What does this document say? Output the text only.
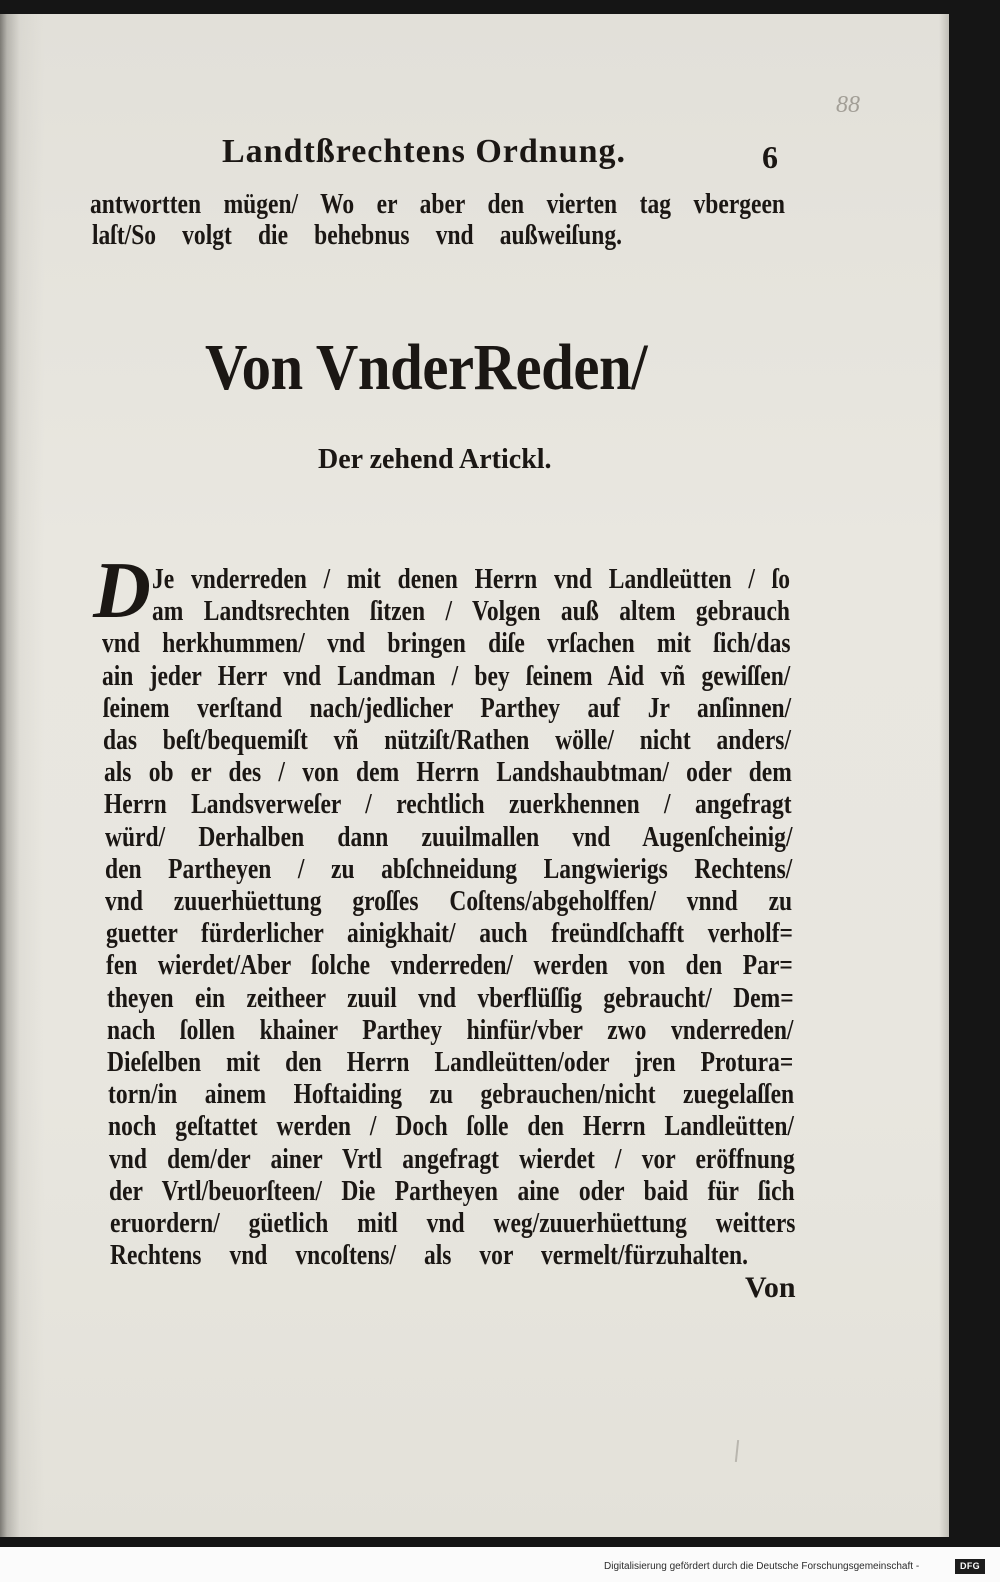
88
Landtßrechtens Ordnung.	6
antwortten mügen/ Wo er aber den vierten tag vbergeen
laſt/So volgt die behebnus vnd außweiſung.
Von VnderReden/
Der zehend Artickl.
D Je vnderreden / mit denen Herrn vnd Landleütten / ſo
am Landtsrechten ſitzen / Volgen auß altem gebrauch
vnd herkhummen/ vnd bringen diſe vrſachen mit ſich/das
ain jeder Herr vnd Landman / bey ſeinem Aid vñ gewiſſen/
ſeinem verſtand nach/jedlicher Parthey auf Jr anſinnen/
das beſt/bequemiſt vñ nütziſt/Rathen wölle/ nicht anders/
als ob er des / von dem Herrn Landshaubtman/ oder dem
Herrn Landsverweſer / rechtlich zuerkhennen / angefragt
würd/ Derhalben dann zuuilmallen vnd Augenſcheinig/
den Partheyen / zu abſchneidung Langwierigs Rechtens/
vnd zuuerhüettung groſſes Coſtens/abgeholffen/ vnnd zu
guetter fürderlicher ainigkhait/ auch freündſchafft verholf=
fen wierdet/Aber ſolche vnderreden/ werden von den Par=
theyen ein zeitheer zuuil vnd vberflüſſig gebraucht/ Dem=
nach ſollen khainer Parthey hinfür/vber zwo vnderreden/
Dieſelben mit den Herrn Landleütten/oder jren Protura=
torn/in ainem Hoftaiding zu gebrauchen/nicht zuegelaſſen
noch geſtattet werden / Doch ſolle den Herrn Landleütten/
vnd dem/der ainer Vrtl angefragt wierdet / vor eröffnung
der Vrtl/beuorſteen/ Die Partheyen aine oder baid für ſich
eruordern/ güetlich mitl vnd weg/zuuerhüettung weitters
Rechtens vnd vncoſtens/ als vor vermelt/fürzuhalten.
Von
Digitalisierung gefördert durch die Deutsche Forschungsgemeinschaft -	DFG
